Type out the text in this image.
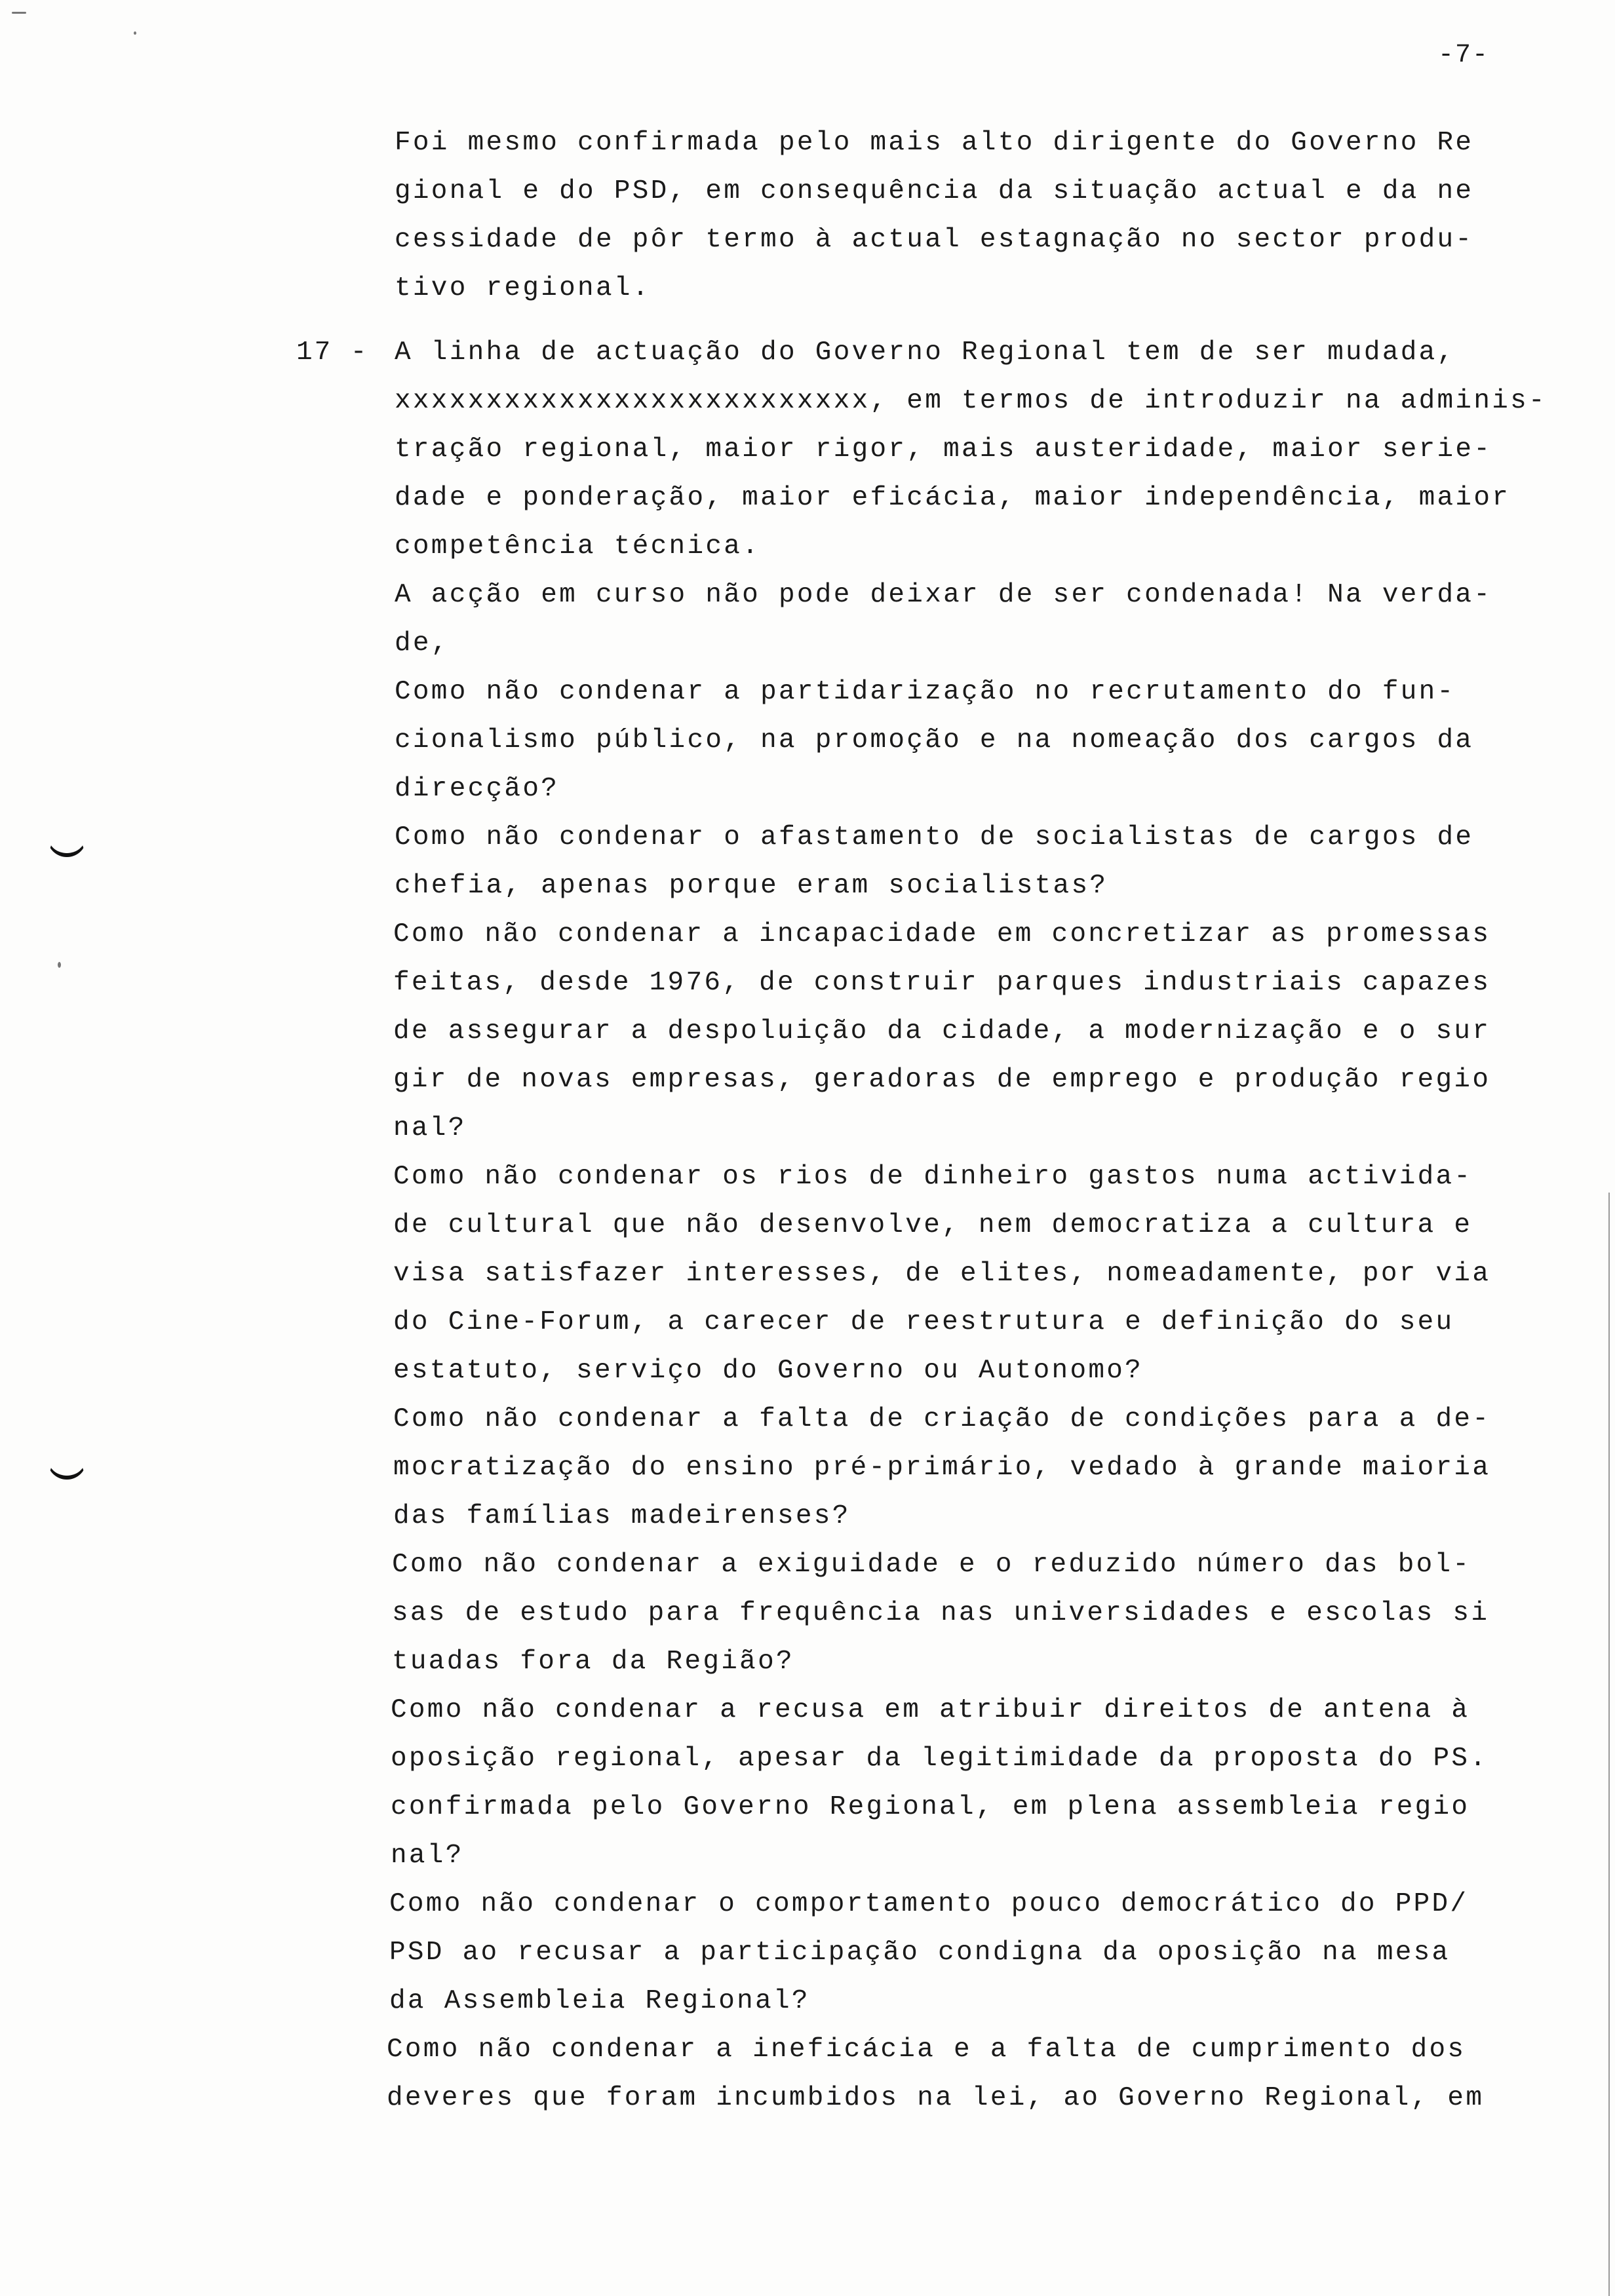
-7-
17 -
Foi mesmo confirmada pelo mais alto dirigente do Governo Re
gional e do PSD, em consequência da situação actual e da ne
cessidade de pôr termo à actual estagnação no sector produ-
tivo regional.
A linha de actuação do Governo Regional tem de ser mudada,
xxxxxxxxxxxxxxxxxxxxxxxxxx, em termos de introduzir na adminis-
tração regional, maior rigor, mais austeridade, maior serie-
dade e ponderação, maior eficácia, maior independência, maior
competência técnica.
A acção em curso não pode deixar de ser condenada! Na verda-
de,
Como não condenar a partidarização no recrutamento do fun-
cionalismo público, na promoção e na nomeação dos cargos da
direcção?
Como não condenar o afastamento de socialistas de cargos de
chefia, apenas porque eram socialistas?
Como não condenar a incapacidade em concretizar as promessas
feitas, desde 1976, de construir parques industriais capazes
de assegurar a despoluição da cidade, a modernização e o sur
gir de novas empresas, geradoras de emprego e produção regio
nal?
Como não condenar os rios de dinheiro gastos numa activida-
de cultural que não desenvolve, nem democratiza a cultura e
visa satisfazer interesses, de elites, nomeadamente, por via
do Cine-Forum, a carecer de reestrutura e definição do seu
estatuto, serviço do Governo ou Autonomo?
Como não condenar a falta de criação de condições para a de-
mocratização do ensino pré-primário, vedado à grande maioria
das famílias madeirenses?
Como não condenar a exiguidade e o reduzido número das bol-
sas de estudo para frequência nas universidades e escolas si
tuadas fora da Região?
Como não condenar a recusa em atribuir direitos de antena à
oposição regional, apesar da legitimidade da proposta do PS.
confirmada pelo Governo Regional, em plena assembleia regio
nal?
Como não condenar o comportamento pouco democrático do PPD/
PSD ao recusar a participação condigna da oposição na mesa
da Assembleia Regional?
Como não condenar a ineficácia e a falta de cumprimento dos
deveres que foram incumbidos na lei, ao Governo Regional, em
